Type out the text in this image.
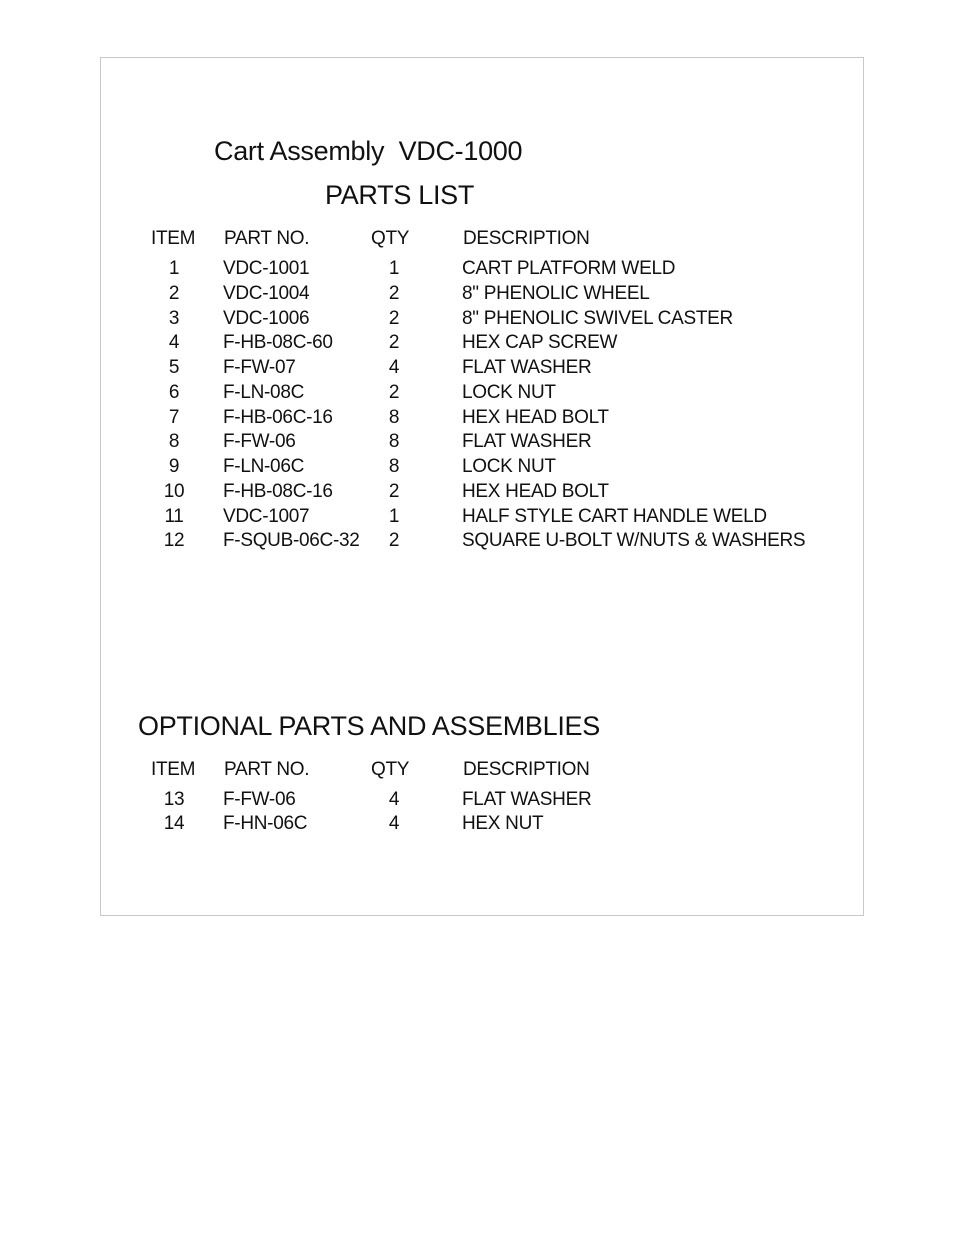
Cart Assembly VDC-1000
PARTS LIST
ITEM PART NO.	QTY	DESCRIPTION
1	VDC-1001	1	CART PLATFORM WELD
2	VDC-1004	2	8" PHENOLIC WHEEL
3	VDC-1006	2	8" PHENOLIC SWIVEL CASTER
4	F-HB-08C-60	2	HEX CAP SCREW
5	F-FW-07	4	FLAT WASHER
6	F-LN-08C	2	LOCK NUT
7	F-HB-06C-16	8	HEX HEAD BOLT
8	F-FW-06	8	FLAT WASHER
9	F-LN-06C	8	LOCK NUT
10 F-HB-08C-16	2	HEX HEAD BOLT
11 VDC-1007	1	HALF STYLE CART HANDLE WELD
12 F-SQUB-06C-32	2	SQUARE U-BOLT W/NUTS & WASHERS
OPTIONAL PARTS AND ASSEMBLIES
ITEM PART NO.	QTY	DESCRIPTION
13 F-FW-06	4	FLAT WASHER
14 F-HN-06C	4	HEX NUT
